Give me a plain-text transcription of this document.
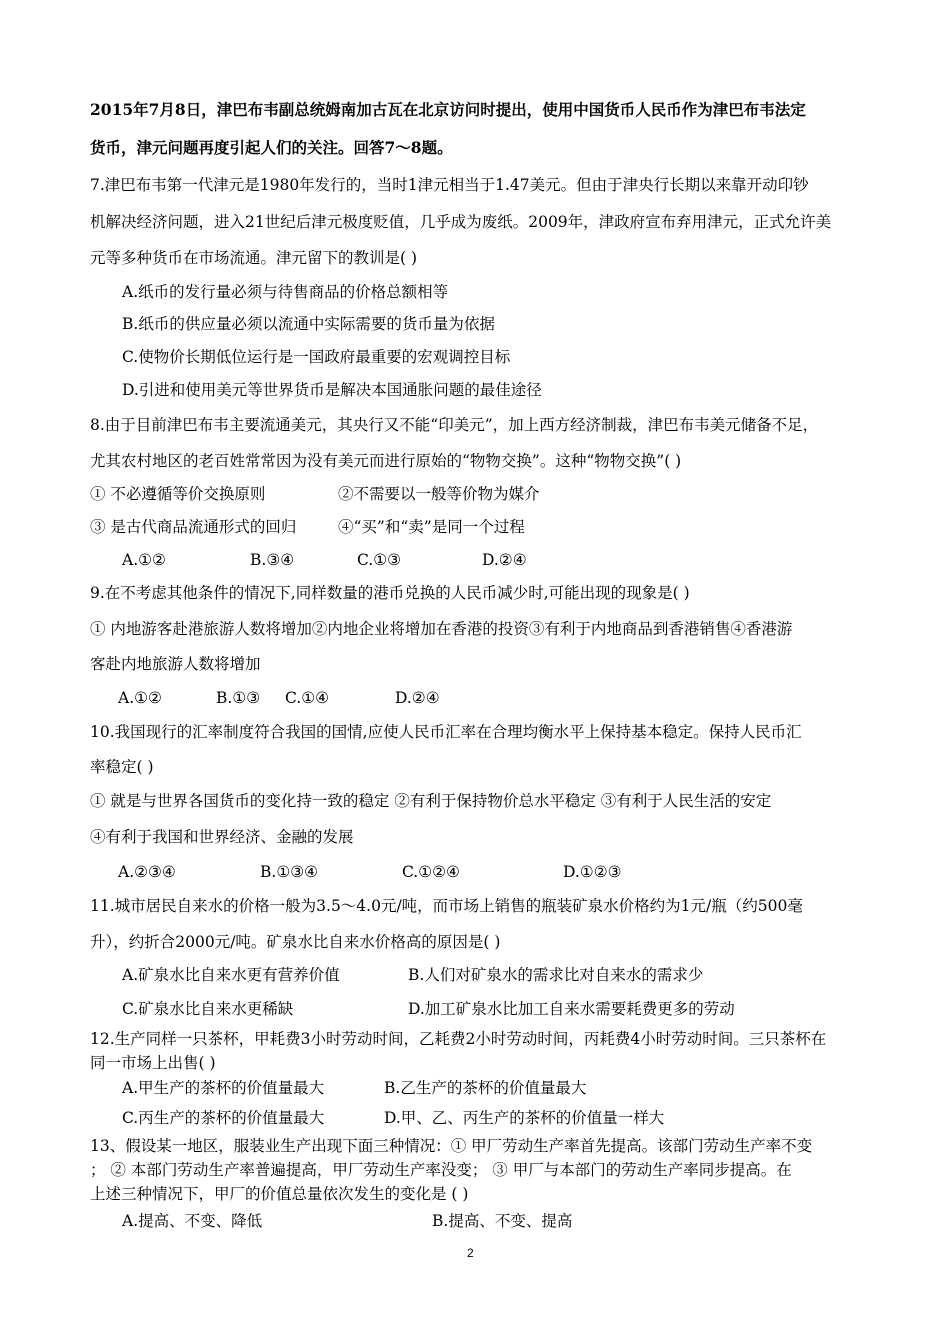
2015年7月8日，津巴布韦副总统姆南加古瓦在北京访问时提出，使用中国货币人民币作为津巴布韦法定
货币，津元问题再度引起人们的关注。回答7～8题。
7.津巴布韦第一代津元是1980年发行的，当时1津元相当于1.47美元。但由于津央行长期以来靠开动印钞
机解决经济问题，进入21世纪后津元极度贬值，几乎成为废纸。2009年，津政府宣布弃用津元，正式允许美
元等多种货币在市场流通。津元留下的教训是( )
A.纸币的发行量必须与待售商品的价格总额相等
B.纸币的供应量必须以流通中实际需要的货币量为依据
C.使物价长期低位运行是一国政府最重要的宏观调控目标
D.引进和使用美元等世界货币是解决本国通胀问题的最佳途径
8.由于目前津巴布韦主要流通美元，其央行又不能“印美元”，加上西方经济制裁，津巴布韦美元储备不足，
尤其农村地区的老百姓常常因为没有美元而进行原始的“物物交换”。这种“物物交换”( )
① 不必遵循等价交换原则	②不需要以一般等价物为媒介
③ 是古代商品流通形式的回归	④“买”和“卖”是同一个过程
A.①②	B.③④	C.①③	D.②④
9.在不考虑其他条件的情况下,同样数量的港币兑换的人民币减少时,可能出现的现象是( )
① 内地游客赴港旅游人数将增加②内地企业将增加在香港的投资③有利于内地商品到香港销售④香港游
客赴内地旅游人数将增加
A.①②	B.①③ C.①④	D.②④
10.我国现行的汇率制度符合我国的国情,应使人民币汇率在合理均衡水平上保持基本稳定。保持人民币汇
率稳定( )
① 就是与世界各国货币的变化持一致的稳定 ②有利于保持物价总水平稳定 ③有利于人民生活的安定
④有利于我国和世界经济、金融的发展
A.②③④	B.①③④	C.①②④	D.①②③
11.城市居民自来水的价格一般为3.5～4.0元/吨，而市场上销售的瓶装矿泉水价格约为1元/瓶（约500毫
升），约折合2000元/吨。矿泉水比自来水价格高的原因是( )
A.矿泉水比自来水更有营养价值	B.人们对矿泉水的需求比对自来水的需求少
C.矿泉水比自来水更稀缺	D.加工矿泉水比加工自来水需要耗费更多的劳动
12.生产同样一只茶杯，甲耗费3小时劳动时间，乙耗费2小时劳动时间，丙耗费4小时劳动时间。三只茶杯在
同一市场上出售( )
A.甲生产的茶杯的价值量最大	B.乙生产的茶杯的价值量最大
C.丙生产的茶杯的价值量最大	D.甲、乙、丙生产的茶杯的价值量一样大
13、假设某一地区，服装业生产出现下面三种情况：① 甲厂劳动生产率首先提高。该部门劳动生产率不变
； ② 本部门劳动生产率普遍提高，甲厂劳动生产率没变； ③ 甲厂与本部门的劳动生产率同步提高。在
上述三种情况下，甲厂的价值总量依次发生的变化是 ( )
A.提高、不变、降低	B.提高、不变、提高
2
